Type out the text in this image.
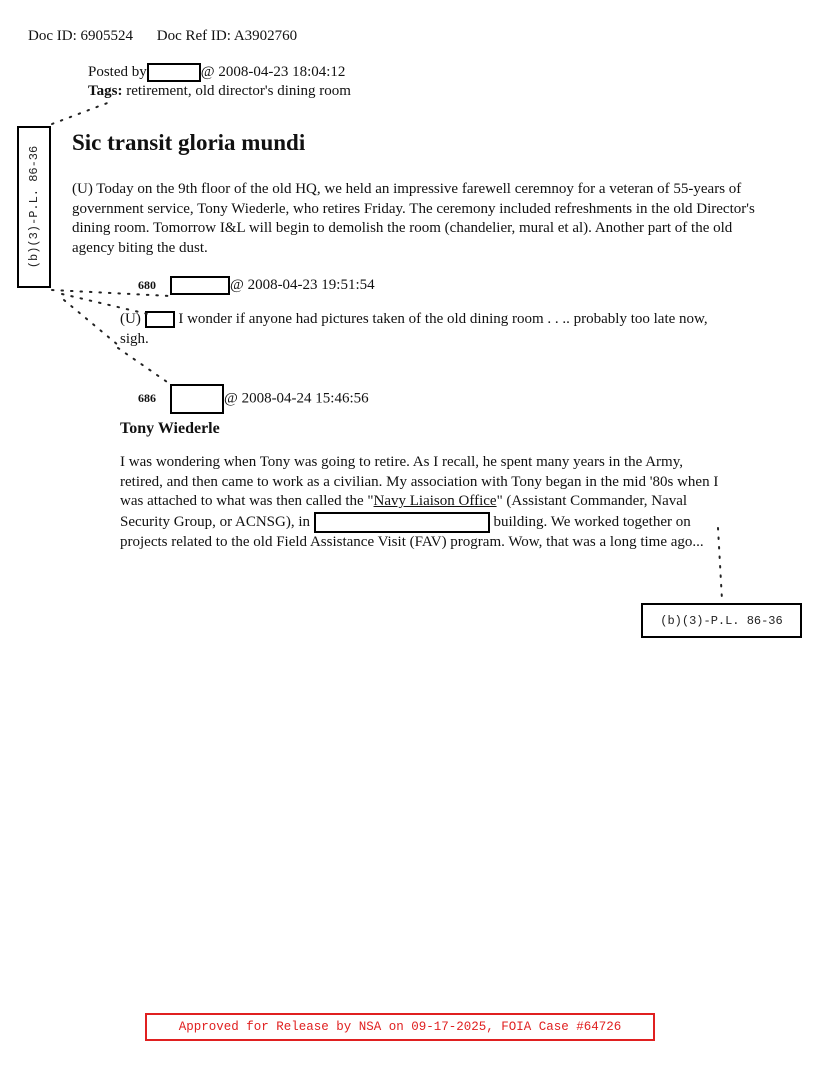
Doc ID: 6905524 Doc Ref ID: A3902760
Posted by	@ 2008-04-23 18:04:12
Tags: retirement, old director's dining room
Sic transit gloria mundi
(U) Today on the 9th floor of the old HQ, we held an impressive farewell ceremnoy for a veteran of 55-years of government service, Tony Wiederle, who retires Friday. The ceremony included refreshments in the old Director's dining room. Tomorrow I&L will begin to demolish the room (chandelier, mural et al). Another part of the old agency biting the dust.
680	@ 2008-04-23 19:51:54
(U)  I wonder if anyone had pictures taken of the old dining room . . .. probably too late now, sigh.
686	@ 2008-04-24 15:46:56
Tony Wiederle
I was wondering when Tony was going to retire. As I recall, he spent many years in the Army, retired, and then came to work as a civilian. My association with Tony began in the mid '80s when I was attached to what was then called the "Navy Liaison Office" (Assistant Commander, Naval Security Group, or ACNSG), in	building. We worked together on projects related to the old Field Assistance Visit (FAV) program. Wow, that was a long time ago...
(b)(3)-P.L. 86-36
(b)(3)-P.L. 86-36
Approved for Release by NSA on 09-17-2025, FOIA Case #64726
